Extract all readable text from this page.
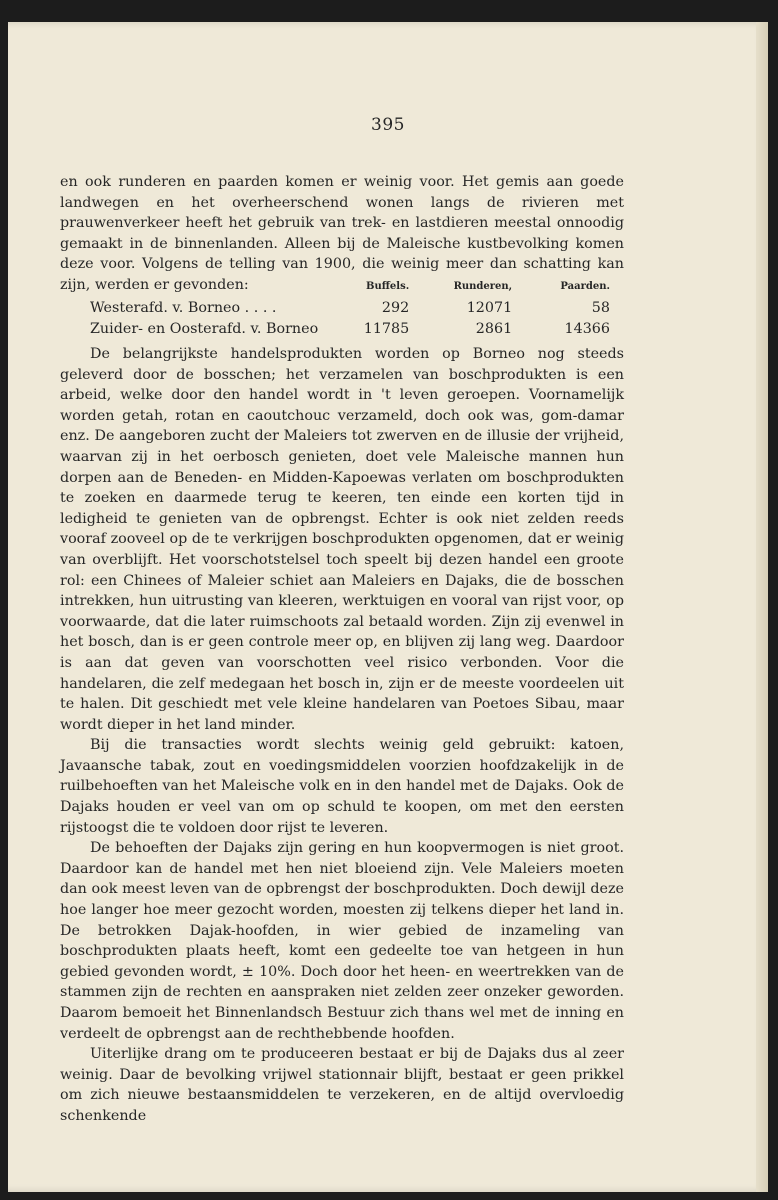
395

en ook runderen en paarden komen er weinig voor. Het gemis aan goede landwegen en het overheerschend wonen langs de rivieren met prauwenverkeer heeft het gebruik van trek- en lastdieren meestal onnoodig gemaakt in de binnenlanden. Alleen bij de Maleische kustbevolking komen deze voor. Volgens de telling van 1900, die weinig meer dan schatting kan zijn, werden er gevonden:

		Buffels.	Runderen,	Paarden.
Westerafd. v. Borneo . . . .	292	12071	58
Zuider- en Oosterafd. v. Borneo	11785	2861	14366

De belangrijkste handelsprodukten worden op Borneo nog steeds geleverd door de bosschen; het verzamelen van boschprodukten is een arbeid, welke door den handel wordt in 't leven geroepen. Voornamelijk worden getah, rotan en caoutchouc verzameld, doch ook was, gom-damar enz. De aangeboren zucht der Maleiers tot zwerven en de illusie der vrijheid, waarvan zij in het oerbosch genieten, doet vele Maleische mannen hun dorpen aan de Beneden- en Midden-Kapoewas verlaten om boschprodukten te zoeken en daarmede terug te keeren, ten einde een korten tijd in ledigheid te genieten van de opbrengst. Echter is ook niet zelden reeds vooraf zooveel op de te verkrijgen boschprodukten opgenomen, dat er weinig van overblijft. Het voorschotstelsel toch speelt bij dezen handel een groote rol: een Chinees of Maleier schiet aan Maleiers en Dajaks, die de bosschen intrekken, hun uitrusting van kleeren, werktuigen en vooral van rijst voor, op voorwaarde, dat die later ruimschoots zal betaald worden. Zijn zij evenwel in het bosch, dan is er geen controle meer op, en blijven zij lang weg. Daardoor is aan dat geven van voorschotten veel risico verbonden. Voor die handelaren, die zelf medegaan het bosch in, zijn er de meeste voordeelen uit te halen. Dit geschiedt met vele kleine handelaren van Poetoes Sibau, maar wordt dieper in het land minder.

Bij die transacties wordt slechts weinig geld gebruikt: katoen, Javaansche tabak, zout en voedingsmiddelen voorzien hoofdzakelijk in de ruilbehoeften van het Maleische volk en in den handel met de Dajaks. Ook de Dajaks houden er veel van om op schuld te koopen, om met den eersten rijstoogst die te voldoen door rijst te leveren.

De behoeften der Dajaks zijn gering en hun koopvermogen is niet groot. Daardoor kan de handel met hen niet bloeiend zijn. Vele Maleiers moeten dan ook meest leven van de opbrengst der boschprodukten. Doch dewijl deze hoe langer hoe meer gezocht worden, moesten zij telkens dieper het land in. De betrokken Dajak-hoofden, in wier gebied de inzameling van boschprodukten plaats heeft, komt een gedeelte toe van hetgeen in hun gebied gevonden wordt, ± 10%. Doch door het heen- en weertrekken van de stammen zijn de rechten en aanspraken niet zelden zeer onzeker geworden. Daarom bemoeit het Binnenlandsch Bestuur zich thans wel met de inning en verdeelt de opbrengst aan de rechthebbende hoofden.

Uiterlijke drang om te produceeren bestaat er bij de Dajaks dus al zeer weinig. Daar de bevolking vrijwel stationnair blijft, bestaat er geen prikkel om zich nieuwe bestaansmiddelen te verzekeren, en de altijd overvloedig schenkende
